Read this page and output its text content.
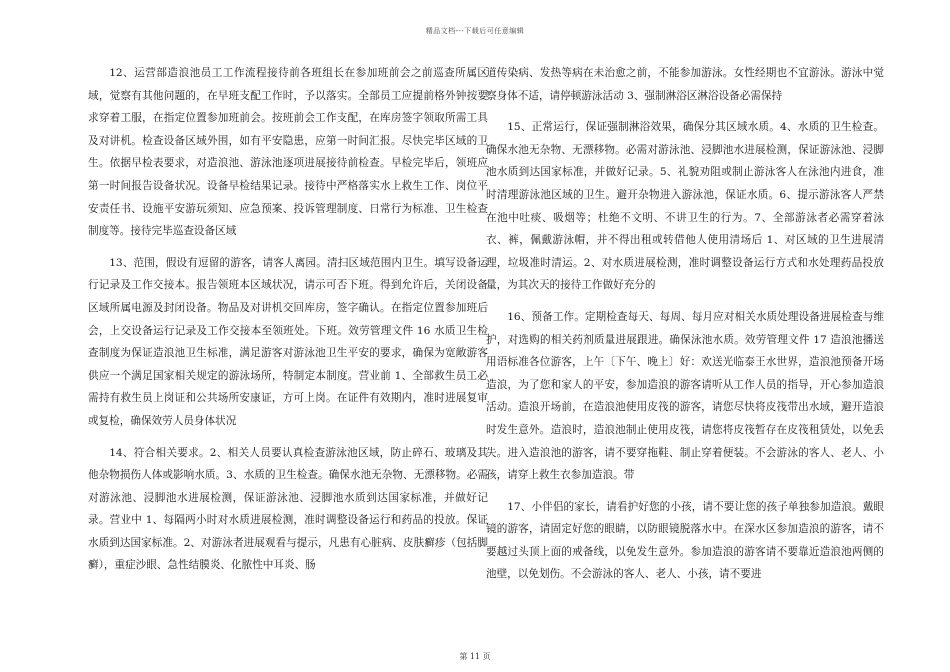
精品文档---下载后可任意编辑

12、运营部造浪池员工工作流程接待前各班组长在参加班前会之前巡查所属区域，觉察有其他问题的，在早班支配工作时，予以落实。全部员工应提前格外钟按要求穿着工服，在指定位置参加班前会。按班前会工作支配，在库房签字领取所需工具及对讲机。检查设备区域外围，如有平安隐患，应第一时间汇报。尽快完毕区域的卫生。依据早检表要求，对造浪池、游泳池逐项进展接待前检查。早检完毕后，领班应第一时间报告设备状况。设备早检结果记录。接待中严格落实水上救生工作、岗位平安责任书、设施平安游玩须知、应急预案、投诉管理制度、日常行为标准、卫生检查制度等。接待完毕巡查设备区域

13、范围，假设有逗留的游客，请客人离园。清扫区域范围内卫生。填写设备运行记录及工作交接本。报告领班本区域状况，请示可否下班。得到允许后，关闭设备区域所属电源及封闭设备。物品及对讲机交回库房，签字确认。在指定位置参加班后会，上交设备运行记录及工作交接本至领班处。下班。效劳管理文件 16 水质卫生检查制度为保证造浪池卫生标准，满足游客对游泳池卫生平安的要求，确保为宽敞游客供应一个满足国家相关规定的游泳场所，特制定本制度。营业前 1、全部救生员工必需持有救生员上岗证和公共场所安康证，方可上岗。在证件有效期内，准时进展复审或复检，确保效劳人员身体状况

14、符合相关要求。2、相关人员要认真检查游泳池区域，防止碎石、玻璃及其他杂物损伤人体或影响水质。3、水质的卫生检查。确保水池无杂物、无漂移物。必需对游泳池、浸脚池水进展检测，保证游泳池、浸脚池水质到达国家标准，并做好记录。营业中 1、每隔两小时对水质进展检测，准时调整设备运行和药品的投放。保证水质到达国家标准。2、对游泳者进展观看与提示，凡患有心脏病、皮肤癣疹（包括脚癣），重症沙眼、急性结膜炎、化脓性中耳炎、肠

道传染病、发热等病在未治愈之前，不能参加游泳。女性经期也不宜游泳。游泳中觉察身体不适，请停顿游泳活动 3、强制淋浴区淋浴设备必需保持

15、正常运行，保证强制淋浴效果，确保分其区域水质。4、水质的卫生检查。确保水池无杂物、无漂移物。必需对游泳池、浸脚池水进展检测，保证游泳池、浸脚池水质到达国家标准，并做好记录。5、礼貌劝阻或制止游泳客人在泳池内进食，准时清理游泳池区域的卫生。避开杂物进入游泳池，保证水质。6、提示游泳客人严禁在池中吐痰、吸烟等；杜绝不文明、不讲卫生的行为。7、全部游泳者必需穿着泳衣、裤，佩戴游泳帽，并不得出租或转借他人使用清场后 1、对区域的卫生进展清理，垃圾准时清运。2、对水质进展检测，准时调整设备运行方式和水处理药品投放量，为其次天的接待工作做好充分的

16、预备工作。定期检查每天、每周、每月应对相关水质处理设备进展检查与维护，对选购的相关药剂质量进展跟进。确保泳池水质。效劳管理文件 17 造浪池播送用语标准各位游客，上午〔下午、晚上〕好：欢送光临泰王水世界，造浪池预备开场造浪，为了您和家人的平安，参加造浪的游客请听从工作人员的指导，开心参加造浪活动。造浪开场前，在造浪池使用皮筏的游客，请您尽快将皮筏带出水域，避开造浪时发生意外。造浪时，造浪池制止使用皮筏，请您将皮筏暂存在皮筏租赁处，以免丢失。进入造浪池的游客，请不要穿拖鞋、制止穿着便装。不会游泳的客人、老人、小孩，请穿上救生衣参加造浪。带

17、小伴侣的家长，请看护好您的小孩，请不要让您的孩子单独参加造浪。戴眼镜的游客，请固定好您的眼睛，以防眼镜脱落水中。在深水区参加造浪的游客，请不要越过头顶上面的戒备线，以免发生意外。参加造浪的游客请不要靠近造浪池两侧的池壁，以免划伤。不会游泳的客人、老人、小孩，请不要进

第 11 页
